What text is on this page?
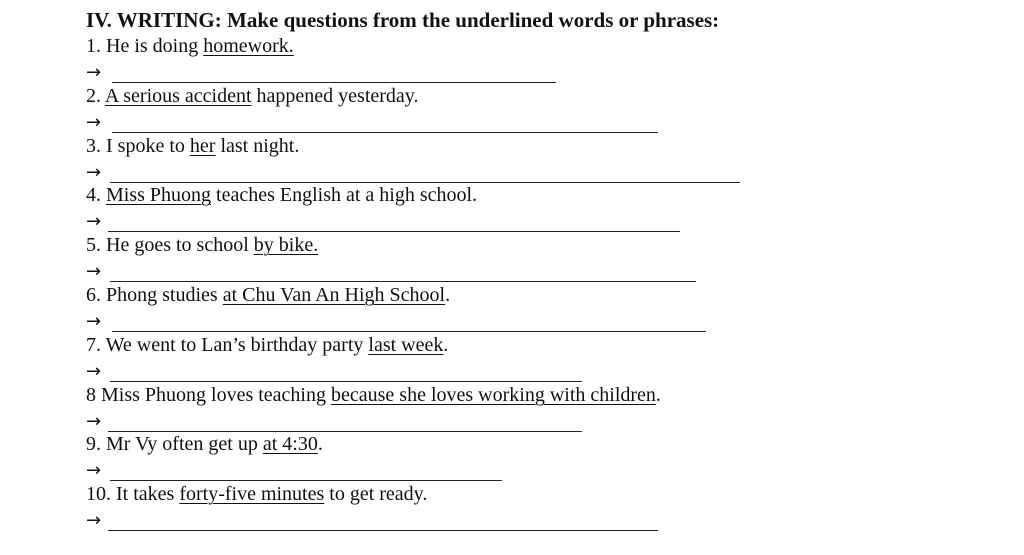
IV. WRITING: Make questions from the underlined words or phrases:
1. He is doing homework.
→
2. A serious accident happened yesterday.
→
3. I spoke to her last night.
→
4. Miss Phuong teaches English at a high school.
→
5. He goes to school by bike.
→
6. Phong studies at Chu Van An High School.
→
7. We went to Lan’s birthday party last week.
→
8 Miss Phuong loves teaching because she loves working with children.
→
9. Mr Vy often get up at 4:30.
→
10. It takes forty-five minutes to get ready.
→
